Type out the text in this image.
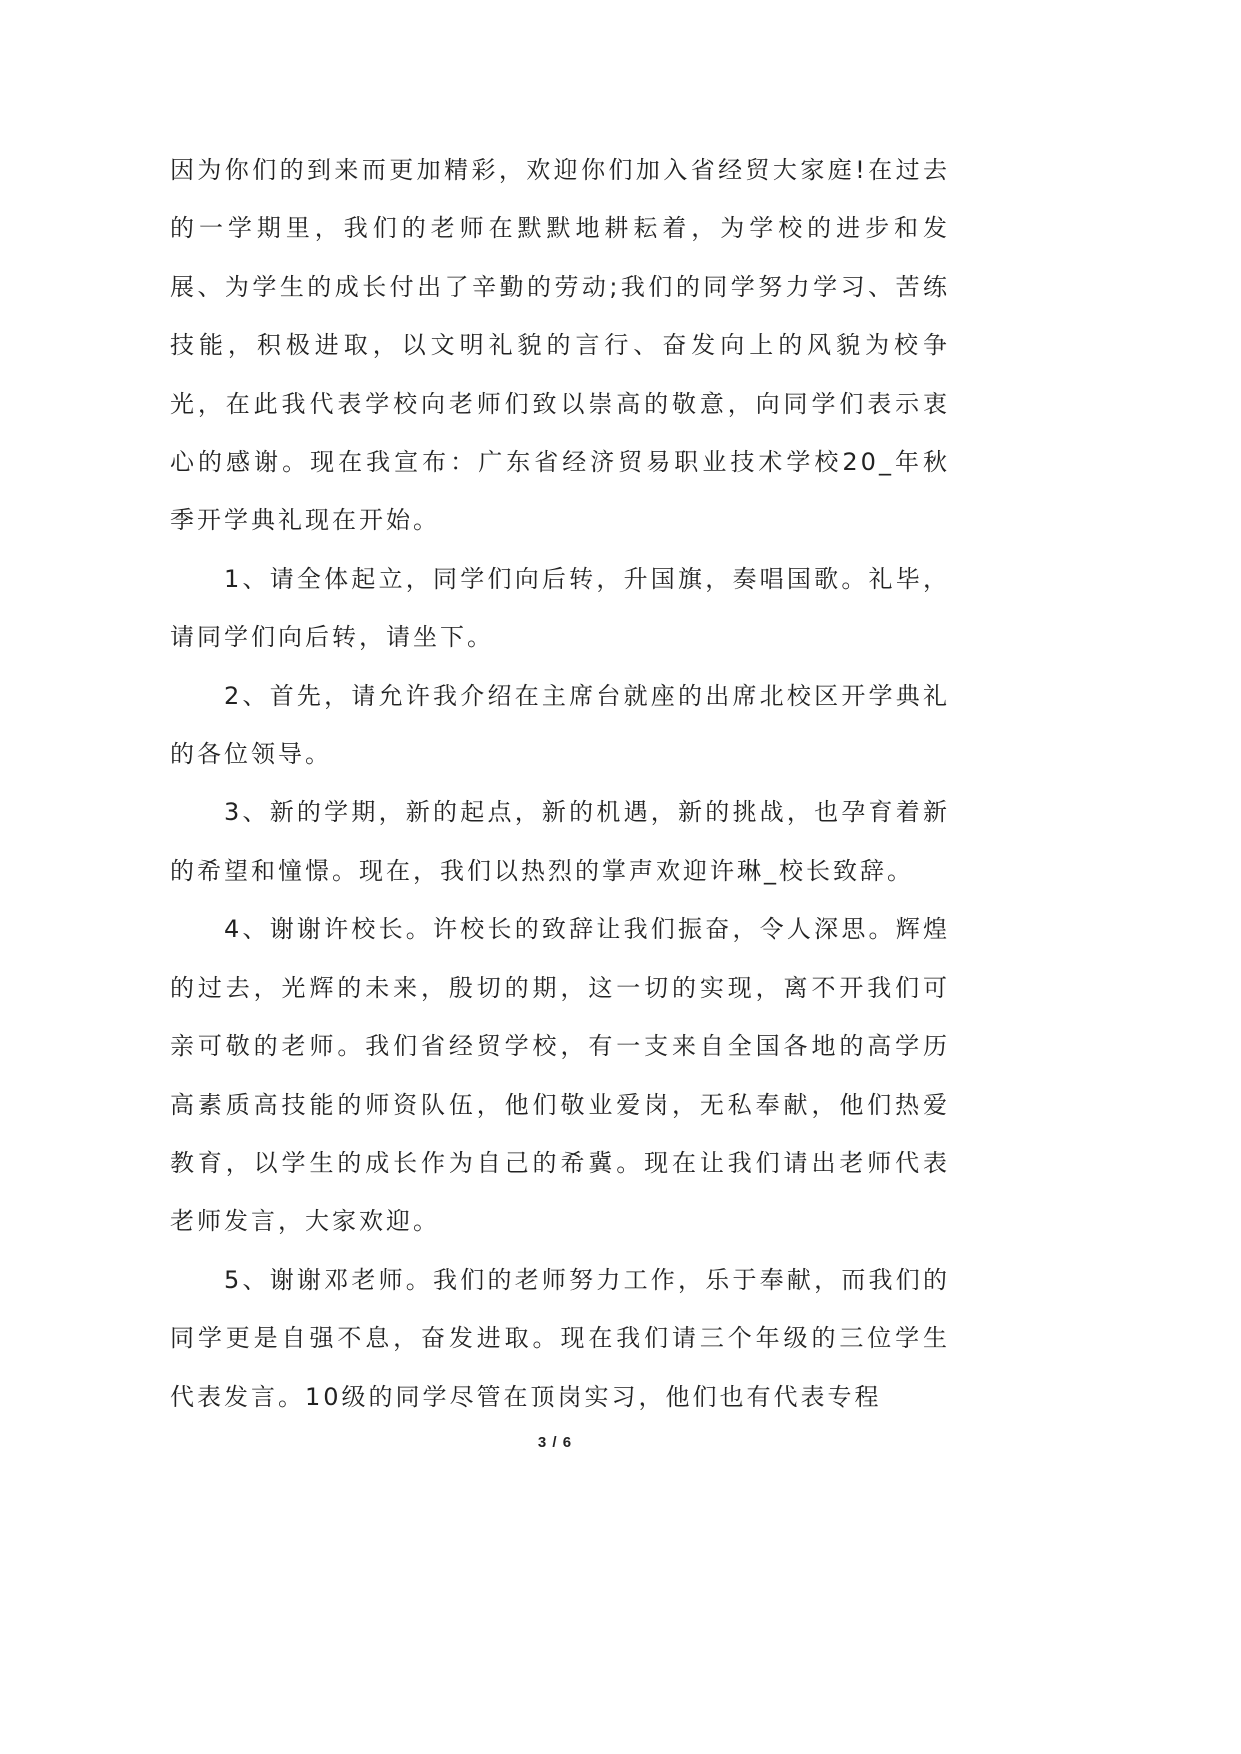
因为你们的到来而更加精彩，欢迎你们加入省经贸大家庭!在过去的一学期里，我们的老师在默默地耕耘着，为学校的进步和发展、为学生的成长付出了辛勤的劳动;我们的同学努力学习、苦练技能，积极进取，以文明礼貌的言行、奋发向上的风貌为校争光，在此我代表学校向老师们致以崇高的敬意，向同学们表示衷心的感谢。现在我宣布：广东省经济贸易职业技术学校20_年秋季开学典礼现在开始。

1、请全体起立，同学们向后转，升国旗，奏唱国歌。礼毕，请同学们向后转，请坐下。

2、首先，请允许我介绍在主席台就座的出席北校区开学典礼的各位领导。

3、新的学期，新的起点，新的机遇，新的挑战，也孕育着新的希望和憧憬。现在，我们以热烈的掌声欢迎许琳_校长致辞。

4、谢谢许校长。许校长的致辞让我们振奋，令人深思。辉煌的过去，光辉的未来，殷切的期，这一切的实现，离不开我们可亲可敬的老师。我们省经贸学校，有一支来自全国各地的高学历高素质高技能的师资队伍，他们敬业爱岗，无私奉献，他们热爱教育，以学生的成长作为自己的希冀。现在让我们请出老师代表老师发言，大家欢迎。

5、谢谢邓老师。我们的老师努力工作，乐于奉献，而我们的同学更是自强不息，奋发进取。现在我们请三个年级的三位学生代表发言。10级的同学尽管在顶岗实习，他们也有代表专程

3 / 6
